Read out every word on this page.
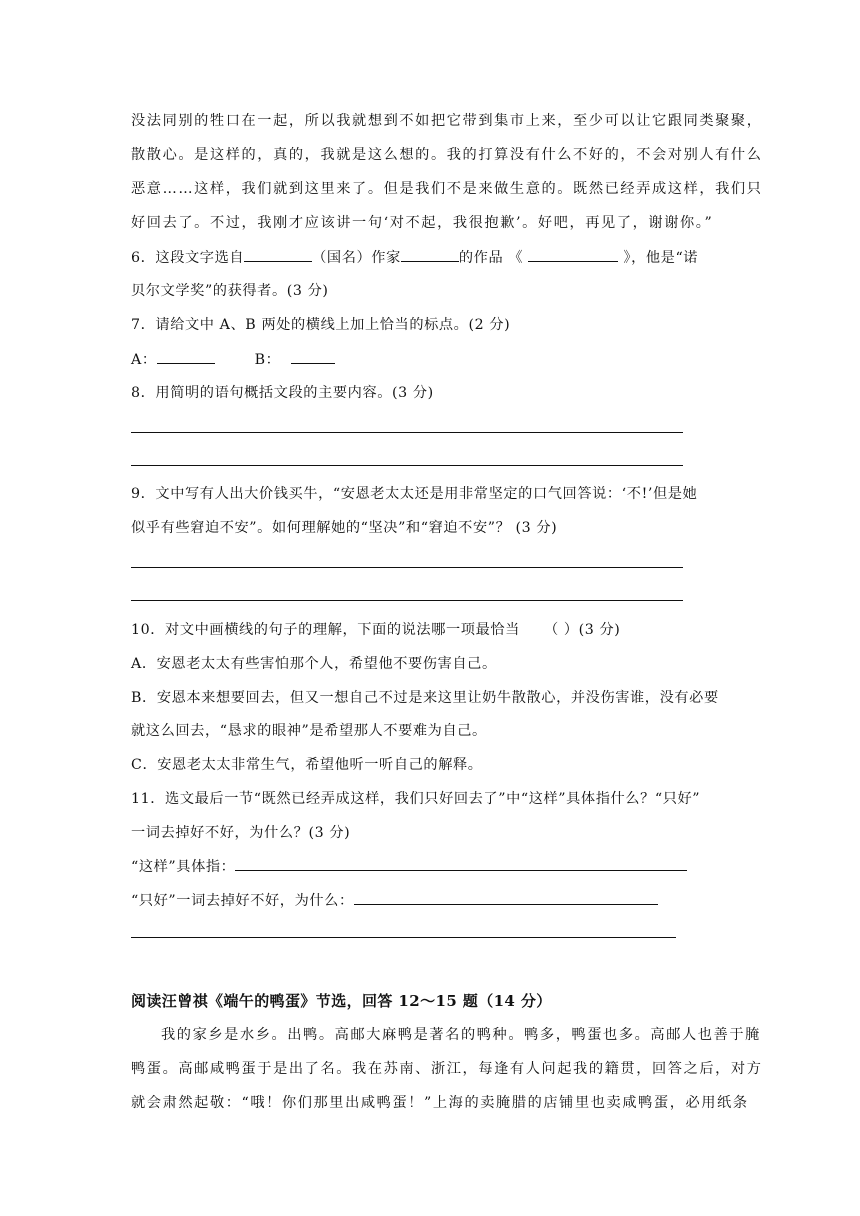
没法同别的牲口在一起，所以我就想到不如把它带到集市上来，至少可以让它跟同类聚聚，
散散心。是这样的，真的，我就是这么想的。我的打算没有什么不好的，不会对别人有什么
恶意……这样，我们就到这里来了。但是我们不是来做生意的。既然已经弄成这样，我们只
好回去了。不过，我刚才应该讲一句‘对不起，我很抱歉’。好吧，再见了，谢谢你。”
6．这段文字选自	（国名）作家	的作品 《	》，他是“诺
贝尔文学奖”的获得者。(3 分)
7．请给文中 A、B 两处的横线上加上恰当的标点。(2 分)
A：	B：
8．用简明的语句概括文段的主要内容。(3 分)
9．文中写有人出大价钱买牛，“安恩老太太还是用非常坚定的口气回答说：‘不!’但是她
似乎有些窘迫不安”。如何理解她的“坚决”和“窘迫不安”？ (3 分)
10．对文中画横线的句子的理解，下面的说法哪一项最恰当 （ ）(3 分)
A．安恩老太太有些害怕那个人，希望他不要伤害自己。
B．安恩本来想要回去，但又一想自己不过是来这里让奶牛散散心，并没伤害谁，没有必要
就这么回去，“恳求的眼神”是希望那人不要难为自己。
C．安恩老太太非常生气，希望他听一听自己的解释。
11．选文最后一节“既然已经弄成这样，我们只好回去了”中“这样”具体指什么？“只好”
一词去掉好不好，为什么？(3 分)
“这样”具体指：
“只好”一词去掉好不好，为什么：
阅读汪曾祺《端午的鸭蛋》节选，回答 12～15 题（14 分）
我的家乡是水乡。出鸭。高邮大麻鸭是著名的鸭种。鸭多，鸭蛋也多。高邮人也善于腌
鸭蛋。高邮咸鸭蛋于是出了名。我在苏南、浙江，每逢有人问起我的籍贯，回答之后，对方
就会肃然起敬：“哦！你们那里出咸鸭蛋！”上海的卖腌腊的店铺里也卖咸鸭蛋，必用纸条
